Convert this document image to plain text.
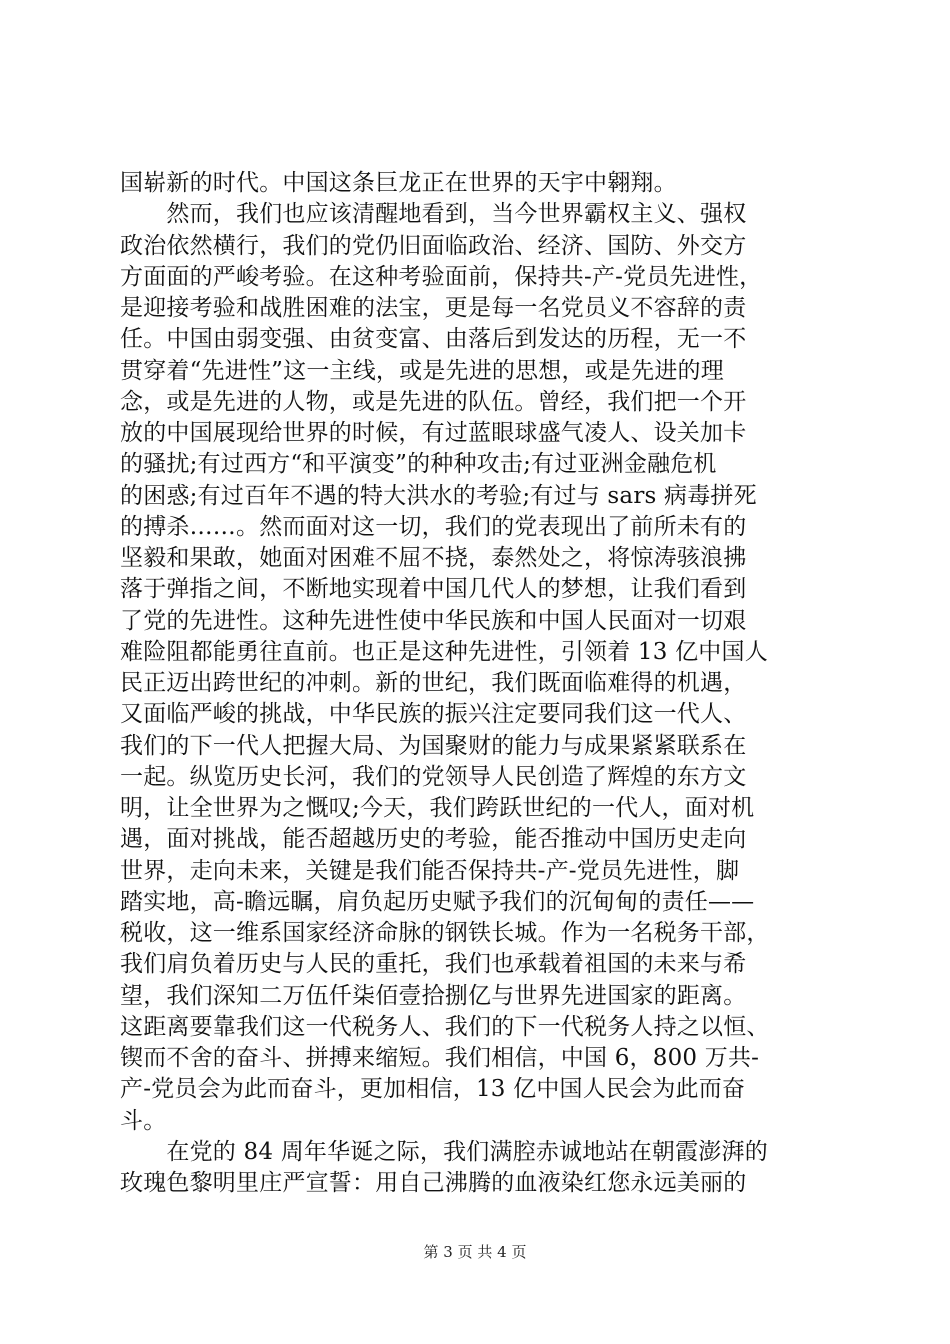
国崭新的时代。中国这条巨龙正在世界的天宇中翱翔。
　　然而，我们也应该清醒地看到，当今世界霸权主义、强权
政治依然横行，我们的党仍旧面临政治、经济、国防、外交方
方面面的严峻考验。在这种考验面前，保持共-产-党员先进性，
是迎接考验和战胜困难的法宝，更是每一名党员义不容辞的责
任。中国由弱变强、由贫变富、由落后到发达的历程，无一不
贯穿着“先进性”这一主线，或是先进的思想，或是先进的理
念，或是先进的人物，或是先进的队伍。曾经，我们把一个开
放的中国展现给世界的时候，有过蓝眼球盛气凌人、设关加卡
的骚扰;有过西方“和平演变”的种种攻击;有过亚洲金融危机
的困惑;有过百年不遇的特大洪水的考验;有过与 sars 病毒拼死
的搏杀……。然而面对这一切，我们的党表现出了前所未有的
坚毅和果敢，她面对困难不屈不挠，泰然处之，将惊涛骇浪拂
落于弹指之间，不断地实现着中国几代人的梦想，让我们看到
了党的先进性。这种先进性使中华民族和中国人民面对一切艰
难险阻都能勇往直前。也正是这种先进性，引领着 13 亿中国人
民正迈出跨世纪的冲刺。新的世纪，我们既面临难得的机遇，
又面临严峻的挑战，中华民族的振兴注定要同我们这一代人、
我们的下一代人把握大局、为国聚财的能力与成果紧紧联系在
一起。纵览历史长河，我们的党领导人民创造了辉煌的东方文
明，让全世界为之慨叹;今天，我们跨跃世纪的一代人，面对机
遇，面对挑战，能否超越历史的考验，能否推动中国历史走向
世界，走向未来，关键是我们能否保持共-产-党员先进性，脚
踏实地，高-瞻远瞩，肩负起历史赋予我们的沉甸甸的责任——
税收，这一维系国家经济命脉的钢铁长城。作为一名税务干部，
我们肩负着历史与人民的重托，我们也承载着祖国的未来与希
望，我们深知二万伍仟柒佰壹拾捌亿与世界先进国家的距离。
这距离要靠我们这一代税务人、我们的下一代税务人持之以恒、
锲而不舍的奋斗、拼搏来缩短。我们相信，中国 6，800 万共-
产-党员会为此而奋斗，更加相信，13 亿中国人民会为此而奋
斗。
　　在党的 84 周年华诞之际，我们满腔赤诚地站在朝霞澎湃的
玫瑰色黎明里庄严宣誓：用自己沸腾的血液染红您永远美丽的
第 3 页 共 4 页
